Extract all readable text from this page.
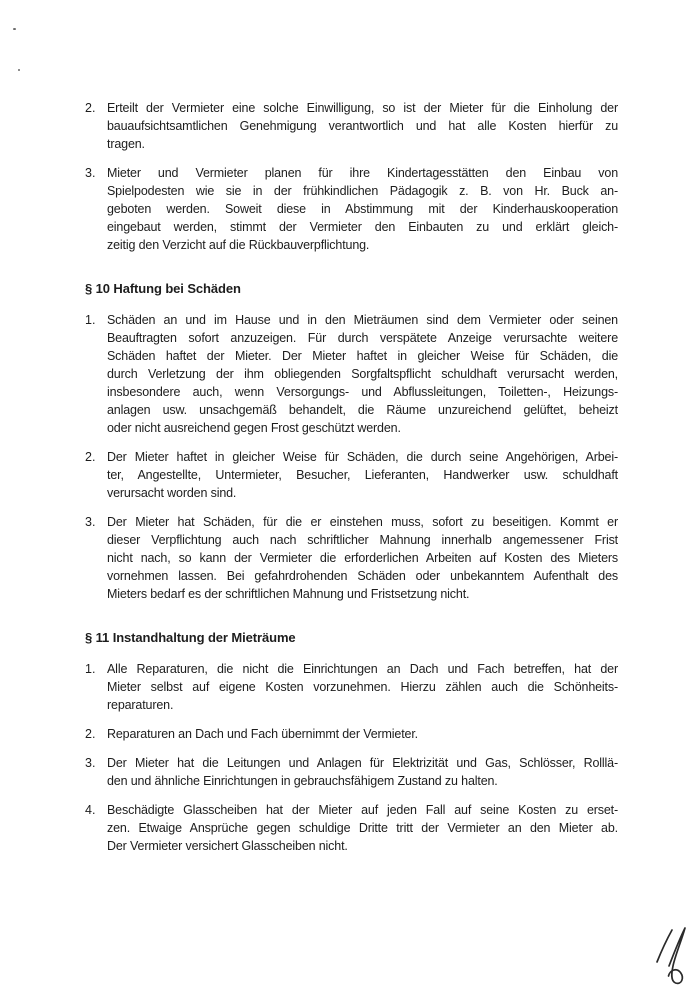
2. Erteilt der Vermieter eine solche Einwilligung, so ist der Mieter für die Einholung der
bauaufsichtsamtlichen Genehmigung verantwortlich und hat alle Kosten hierfür zu
tragen.
3. Mieter und Vermieter planen für ihre Kindertagesstätten den Einbau von
Spielpodesten wie sie in der frühkindlichen Pädagogik z. B. von Hr. Buck an-
geboten werden. Soweit diese in Abstimmung mit der Kinderhauskooperation
eingebaut werden, stimmt der Vermieter den Einbauten zu und erklärt gleich-
zeitig den Verzicht auf die Rückbauverpflichtung.
§ 10 Haftung bei Schäden
1. Schäden an und im Hause und in den Mieträumen sind dem Vermieter oder seinen
Beauftragten sofort anzuzeigen. Für durch verspätete Anzeige verursachte weitere
Schäden haftet der Mieter. Der Mieter haftet in gleicher Weise für Schäden, die
durch Verletzung der ihm obliegenden Sorgfaltspflicht schuldhaft verursacht werden,
insbesondere auch, wenn Versorgungs- und Abflussleitungen, Toiletten-, Heizungs-
anlagen usw. unsachgemäß behandelt, die Räume unzureichend gelüftet, beheizt
oder nicht ausreichend gegen Frost geschützt werden.
2. Der Mieter haftet in gleicher Weise für Schäden, die durch seine Angehörigen, Arbei-
ter, Angestellte, Untermieter, Besucher, Lieferanten, Handwerker usw. schuldhaft
verursacht worden sind.
3. Der Mieter hat Schäden, für die er einstehen muss, sofort zu beseitigen. Kommt er
dieser Verpflichtung auch nach schriftlicher Mahnung innerhalb angemessener Frist
nicht nach, so kann der Vermieter die erforderlichen Arbeiten auf Kosten des Mieters
vornehmen lassen. Bei gefahrdrohenden Schäden oder unbekanntem Aufenthalt des
Mieters bedarf es der schriftlichen Mahnung und Fristsetzung nicht.
§ 11 Instandhaltung der Mieträume
1. Alle Reparaturen, die nicht die Einrichtungen an Dach und Fach betreffen, hat der
Mieter selbst auf eigene Kosten vorzunehmen. Hierzu zählen auch die Schönheits-
reparaturen.
2. Reparaturen an Dach und Fach übernimmt der Vermieter.
3. Der Mieter hat die Leitungen und Anlagen für Elektrizität und Gas, Schlösser, Rolllä-
den und ähnliche Einrichtungen in gebrauchsfähigem Zustand zu halten.
4. Beschädigte Glasscheiben hat der Mieter auf jeden Fall auf seine Kosten zu erset-
zen. Etwaige Ansprüche gegen schuldige Dritte tritt der Vermieter an den Mieter ab.
Der Vermieter versichert Glasscheiben nicht.
